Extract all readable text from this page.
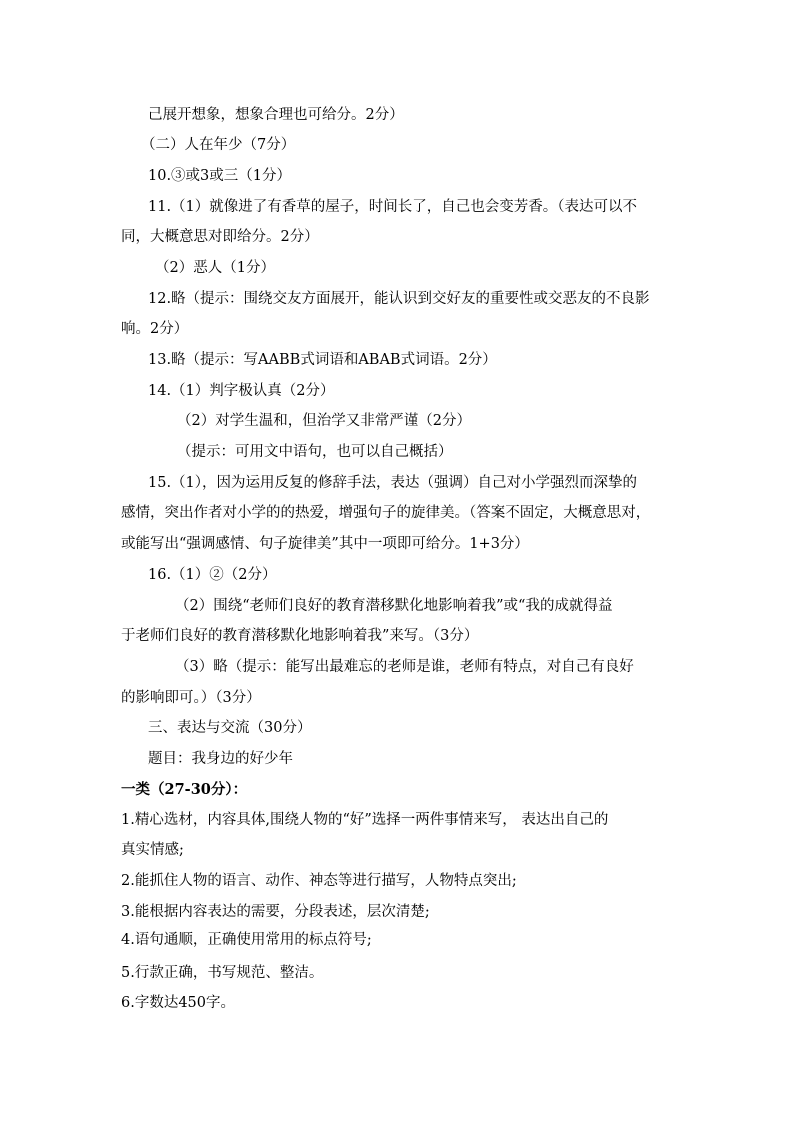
己展开想象，想象合理也可给分。2分）
（二）人在年少（7分）
10.③或3或三（1分）
11.（1）就像进了有香草的屋子，时间长了，自己也会变芳香。（表达可以不
同，大概意思对即给分。2分）
（2）恶人（1分）
12.略（提示：围绕交友方面展开，能认识到交好友的重要性或交恶友的不良影
响。2分）
13.略（提示：写AABB式词语和ABAB式词语。2分）
14.（1）判字极认真（2分）
（2）对学生温和，但治学又非常严谨（2分）
（提示：可用文中语句，也可以自己概括）
15.（1），因为运用反复的修辞手法，表达（强调）自己对小学强烈而深挚的
感情，突出作者对小学的的热爱，增强句子的旋律美。（答案不固定，大概意思对，
或能写出“强调感情、句子旋律美”其中一项即可给分。1+3分）
16.（1）②（2分）
（2）围绕“老师们良好的教育潜移默化地影响着我”或“我的成就得益
于老师们良好的教育潜移默化地影响着我”来写。（3分）
（3）略（提示：能写出最难忘的老师是谁，老师有特点，对自己有良好
的影响即可。）（3分）
三、表达与交流（30分）
题目：我身边的好少年
一类（27-30分）：
1.精心选材，内容具体,围绕人物的“好”选择一两件事情来写， 表达出自己的
真实情感;
2.能抓住人物的语言、动作、神态等进行描写，人物特点突出;
3.能根据内容表达的需要，分段表述，层次清楚;
4.语句通顺，正确使用常用的标点符号;
5.行款正确，书写规范、整洁。
6.字数达450字。
